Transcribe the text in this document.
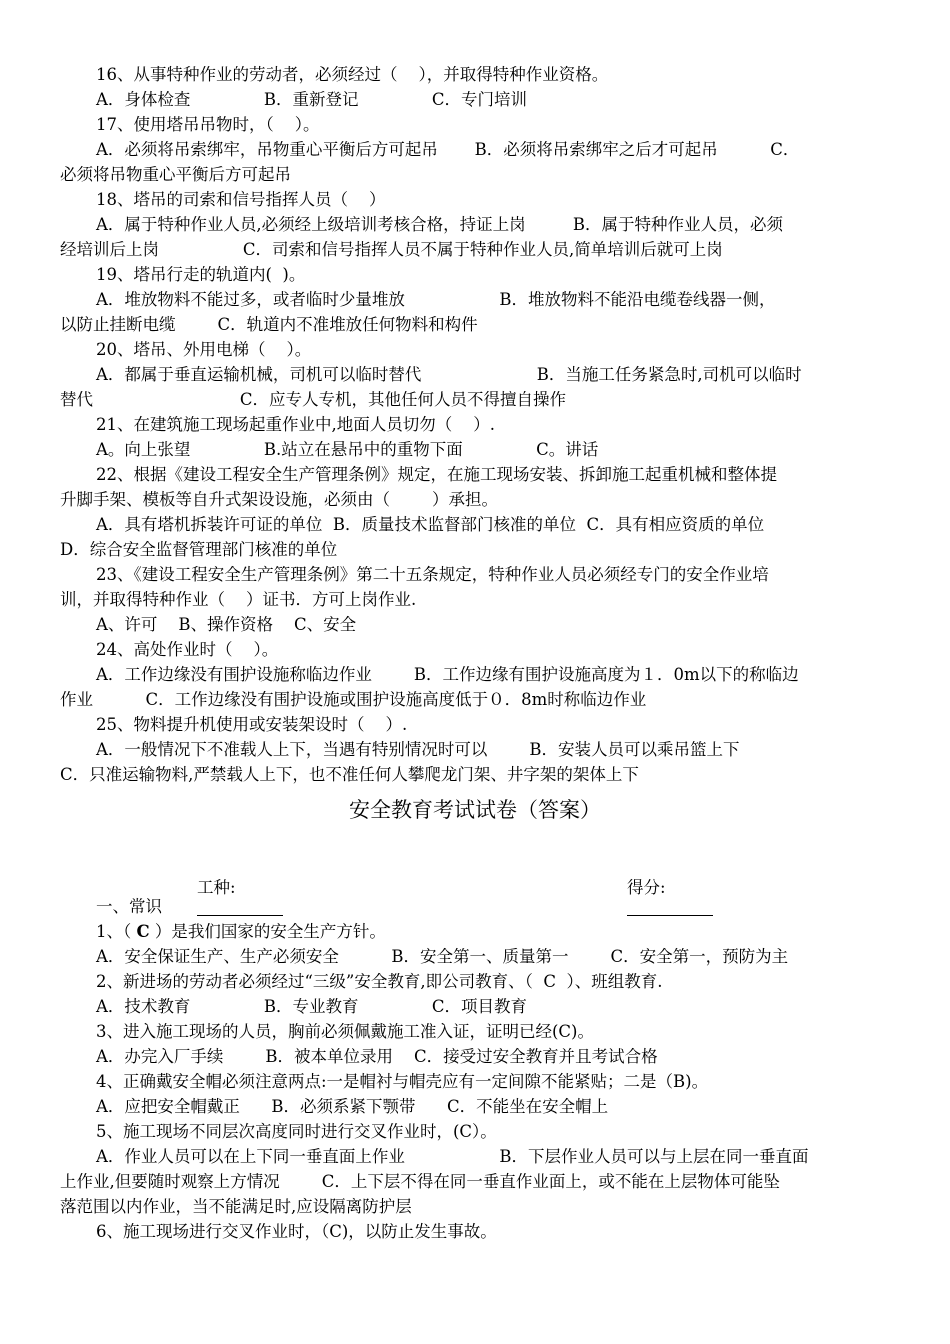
16、从事特种作业的劳动者，必须经过（    ），并取得特种作业资格。
A．身体检查              B．重新登记              C．专门培训
17、使用塔吊吊物时，（    ）。
A．必须将吊索绑牢，吊物重心平衡后方可起吊       B．必须将吊索绑牢之后才可起吊          C．
必须将吊物重心平衡后方可起吊
18、塔吊的司索和信号指挥人员（    ）
A．属于特种作业人员,必须经上级培训考核合格，持证上岗         B．属于特种作业人员，必须
经培训后上岗                C．司索和信号指挥人员不属于特种作业人员,简单培训后就可上岗
19、塔吊行走的轨道内(  )。
A．堆放物料不能过多，或者临时少量堆放                  B．堆放物料不能沿电缆卷线器一侧，
以防止挂断电缆        C．轨道内不准堆放任何物料和构件
20、塔吊、外用电梯（    ）。
A．都属于垂直运输机械，司机可以临时替代                      B．当施工任务紧急时,司机可以临时
替代                            C．应专人专机，其他任何人员不得擅自操作
21、在建筑施工现场起重作业中,地面人员切勿（    ）.
A。向上张望              B.站立在悬吊中的重物下面              C。讲话
22、根据《建设工程安全生产管理条例》规定，在施工现场安装、拆卸施工起重机械和整体提
升脚手架、模板等自升式架设设施，必须由（        ）承担。
A．具有塔机拆装许可证的单位  B．质量技术监督部门核准的单位  C．具有相应资质的单位
D．综合安全监督管理部门核准的单位
23、《建设工程安全生产管理条例》第二十五条规定，特种作业人员必须经专门的安全作业培
训，并取得特种作业（    ）证书．方可上岗作业.
A、许可    B、操作资格    C、安全
24、高处作业时（    ）。
A．工作边缘没有围护设施称临边作业        B．工作边缘有围护设施高度为１．0m以下的称临边
作业          C．工作边缘没有围护设施或围护设施高度低于０．8m时称临边作业
25、物料提升机使用或安装架设时（    ）.
A．一般情况下不准载人上下，当遇有特别情况时可以        B．安装人员可以乘吊篮上下
C．只准运输物料,严禁载人上下，也不准任何人攀爬龙门架、井字架的架体上下
安全教育考试试卷（答案）

工种:

	得分:

一、常识
1、（ C ）是我们国家的安全生产方针。
A．安全保证生产、生产必须安全          B．安全第一、质量第一        C．安全第一，预防为主
2、新进场的劳动者必须经过“三级”安全教育,即公司教育、（  C  ）、班组教育.
A．技术教育              B．专业教育              C．项目教育
3、进入施工现场的人员，胸前必须佩戴施工准入证，证明已经(C)。
A．办完入厂手续        B．被本单位录用    C．接受过安全教育并且考试合格
4、正确戴安全帽必须注意两点:一是帽衬与帽壳应有一定间隙不能紧贴；二是（B)。
A．应把安全帽戴正      B．必须系紧下颚带      C．不能坐在安全帽上
5、施工现场不同层次高度同时进行交叉作业时，(C）。
A．作业人员可以在上下同一垂直面上作业                  B．下层作业人员可以与上层在同一垂直面
上作业,但要随时观察上方情况        C．上下层不得在同一垂直作业面上，或不能在上层物体可能坠
落范围以内作业，当不能满足时,应设隔离防护层
6、施工现场进行交叉作业时，（C)，以防止发生事故。
